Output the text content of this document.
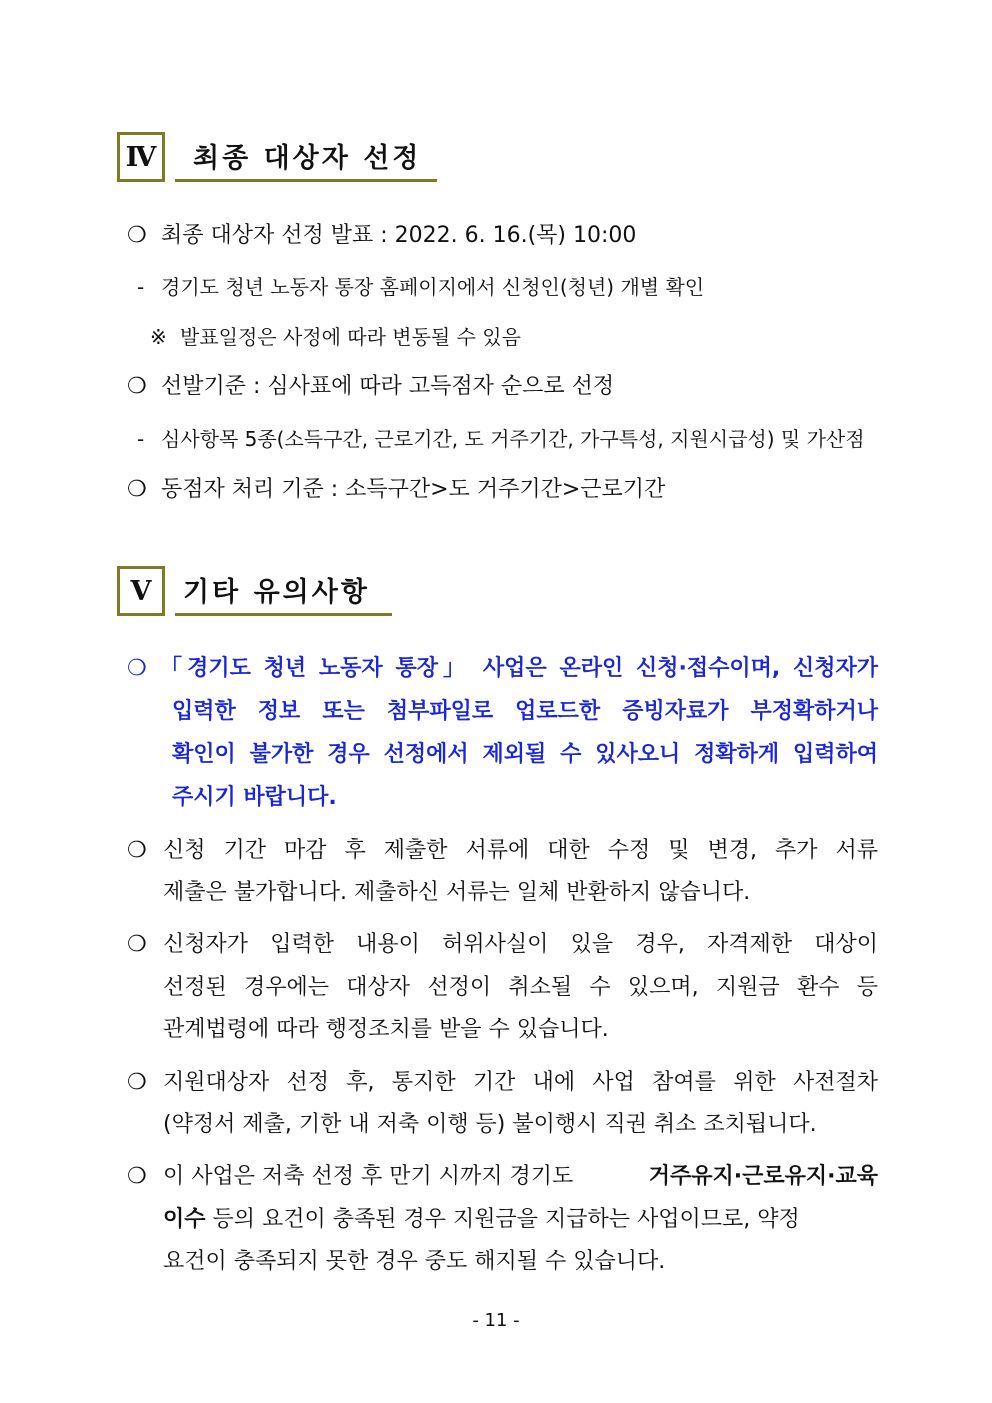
Ⅳ	최종 대상자 선정
❍ 최종 대상자 선정 발표 : 2022. 6. 16.(목) 10:00
- 경기도 청년 노동자 통장 홈페이지에서 신청인(청년) 개별 확인
※ 발표일정은 사정에 따라 변동될 수 있음
❍ 선발기준 : 심사표에 따라 고득점자 순으로 선정
- 심사항목 5종(소득구간, 근로기간, 도 거주기간, 가구특성, 지원시급성) 및 가산점
❍ 동점자 처리 기준 : 소득구간>도 거주기간>근로기간
Ⅴ	기타 유의사항
❍ 「경기도 청년 노동자 통장」 사업은 온라인 신청·접수이며, 신청자가
입력한 정보 또는 첨부파일로 업로드한 증빙자료가 부정확하거나
확인이 불가한 경우 선정에서 제외될 수 있사오니 정확하게 입력하여
주시기 바랍니다.
❍ 신청 기간 마감 후 제출한 서류에 대한 수정 및 변경, 추가 서류
제출은 불가합니다. 제출하신 서류는 일체 반환하지 않습니다.
❍ 신청자가 입력한 내용이 허위사실이 있을 경우, 자격제한 대상이
선정된 경우에는 대상자 선정이 취소될 수 있으며, 지원금 환수 등
관계법령에 따라 행정조치를 받을 수 있습니다.
❍ 지원대상자 선정 후, 통지한 기간 내에 사업 참여를 위한 사전절차
(약정서 제출, 기한 내 저축 이행 등) 불이행시 직권 취소 조치됩니다.
❍ 이 사업은 저축 선정 후 만기 시까지 경기도	거주유지·근로유지·교육
이수 등의 요건이 충족된 경우 지원금을 지급하는 사업이므로, 약정
요건이 충족되지 못한 경우 중도 해지될 수 있습니다.
- 11 -
